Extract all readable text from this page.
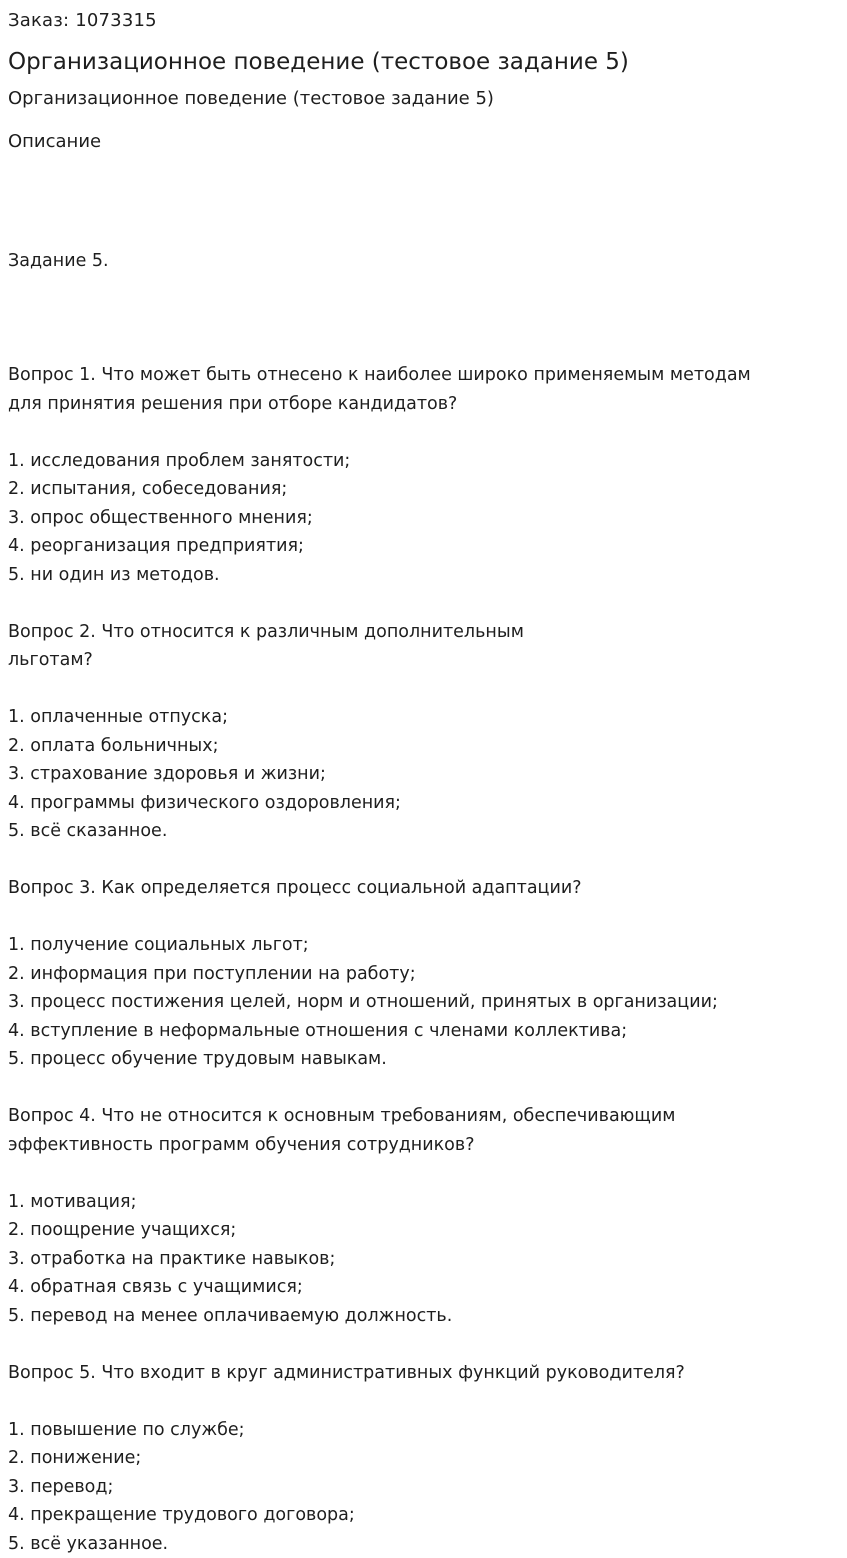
Заказ: 1073315
Организационное поведение (тестовое задание 5)
Организационное поведение (тестовое задание 5)
Описание

Задание 5.

Вопрос 1. Что может быть отнесено к наиболее широко применяемым методам
для принятия решения при отборе кандидатов?
1. исследования проблем занятости;
2. испытания, собеседования;
3. опрос общественного мнения;
4. реорганизация предприятия;
5. ни один из методов.
Вопрос 2. Что относится к различным дополнительным
льготам?
1. оплаченные отпуска;
2. оплата больничных;
3. страхование здоровья и жизни;
4. программы физического оздоровления;
5. всё сказанное.
Вопрос 3. Как определяется процесс социальной адаптации?
1. получение социальных льгот;
2. информация при поступлении на работу;
3. процесс постижения целей, норм и отношений, принятых в организации;
4. вступление в неформальные отношения с членами коллектива;
5. процесс обучение трудовым навыкам.
Вопрос 4. Что не относится к основным требованиям, обеспечивающим
эффективность программ обучения сотрудников?
1. мотивация;
2. поощрение учащихся;
3. отработка на практике навыков;
4. обратная связь с учащимися;
5. перевод на менее оплачиваемую должность.
Вопрос 5. Что входит в круг административных функций руководителя?
1. повышение по службе;
2. понижение;
3. перевод;
4. прекращение трудового договора;
5. всё указанное.
